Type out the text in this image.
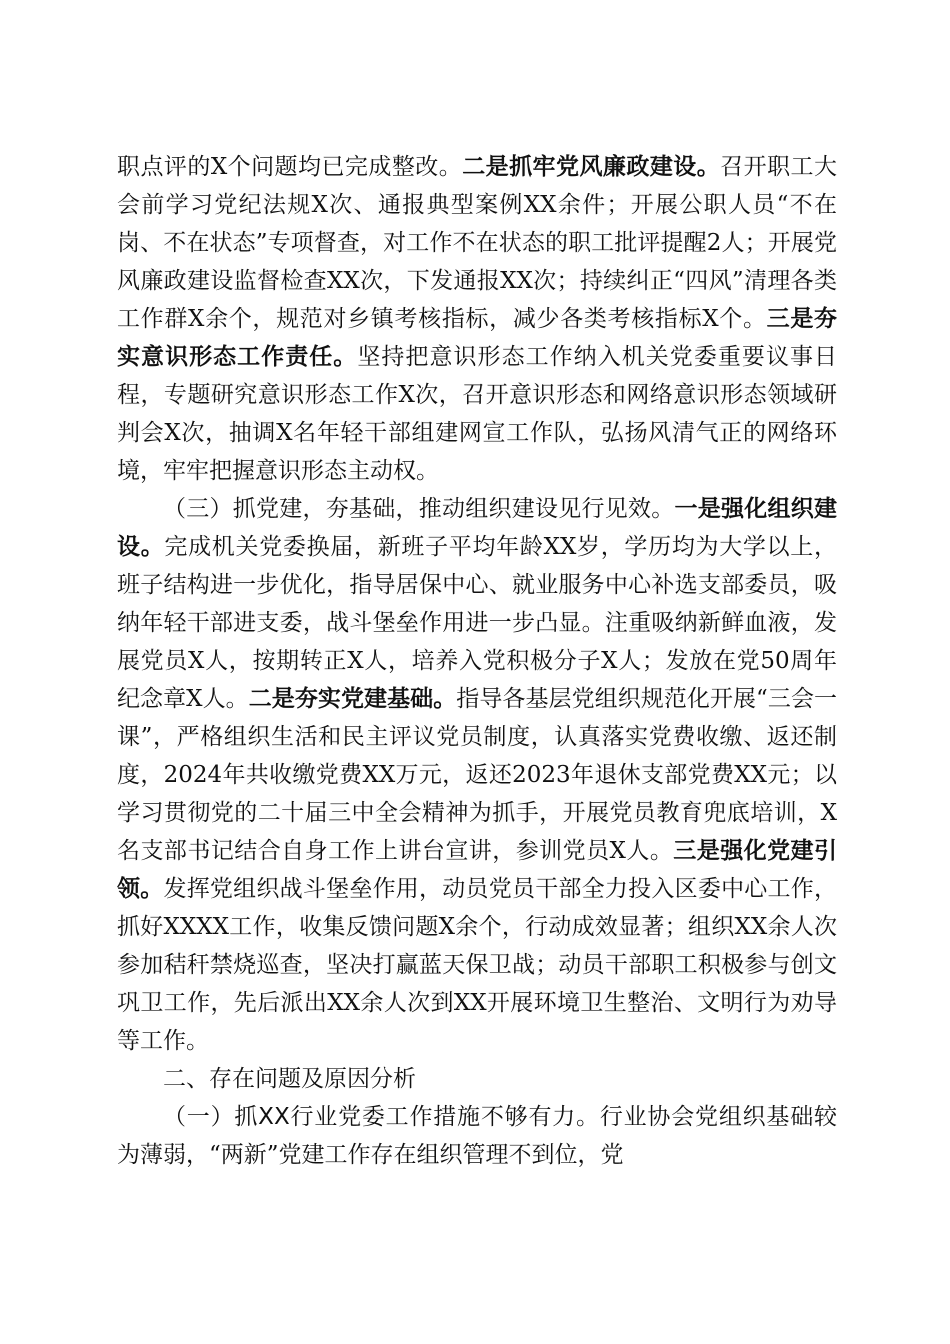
职点评的X个问题均已完成整改。二是抓牢党风廉政建设。召开职工大会前学习党纪法规X次、通报典型案例XX余件；开展公职人员“不在岗、不在状态”专项督查，对工作不在状态的职工批评提醒2人；开展党风廉政建设监督检查XX次，下发通报XX次；持续纠正“四风”清理各类工作群X余个，规范对乡镇考核指标，减少各类考核指标X个。三是夯实意识形态工作责任。坚持把意识形态工作纳入机关党委重要议事日程，专题研究意识形态工作X次，召开意识形态和网络意识形态领域研判会X次，抽调X名年轻干部组建网宣工作队，弘扬风清气正的网络环境，牢牢把握意识形态主动权。

（三）抓党建，夯基础，推动组织建设见行见效。一是强化组织建设。完成机关党委换届，新班子平均年龄XX岁，学历均为大学以上，班子结构进一步优化，指导居保中心、就业服务中心补选支部委员，吸纳年轻干部进支委，战斗堡垒作用进一步凸显。注重吸纳新鲜血液，发展党员X人，按期转正X人，培养入党积极分子X人；发放在党50周年纪念章X人。二是夯实党建基础。指导各基层党组织规范化开展“三会一课”，严格组织生活和民主评议党员制度，认真落实党费收缴、返还制度，2024年共收缴党费XX万元，返还2023年退休支部党费XX元；以学习贯彻党的二十届三中全会精神为抓手，开展党员教育兜底培训，X名支部书记结合自身工作上讲台宣讲，参训党员X人。三是强化党建引领。发挥党组织战斗堡垒作用，动员党员干部全力投入区委中心工作，抓好XXXX工作，收集反馈问题X余个，行动成效显著；组织XX余人次参加秸秆禁烧巡查，坚决打赢蓝天保卫战；动员干部职工积极参与创文巩卫工作，先后派出XX余人次到XX开展环境卫生整治、文明行为劝导等工作。

二、存在问题及原因分析

（一）抓XX行业党委工作措施不够有力。行业协会党组织基础较为薄弱，“两新”党建工作存在组织管理不到位，党
